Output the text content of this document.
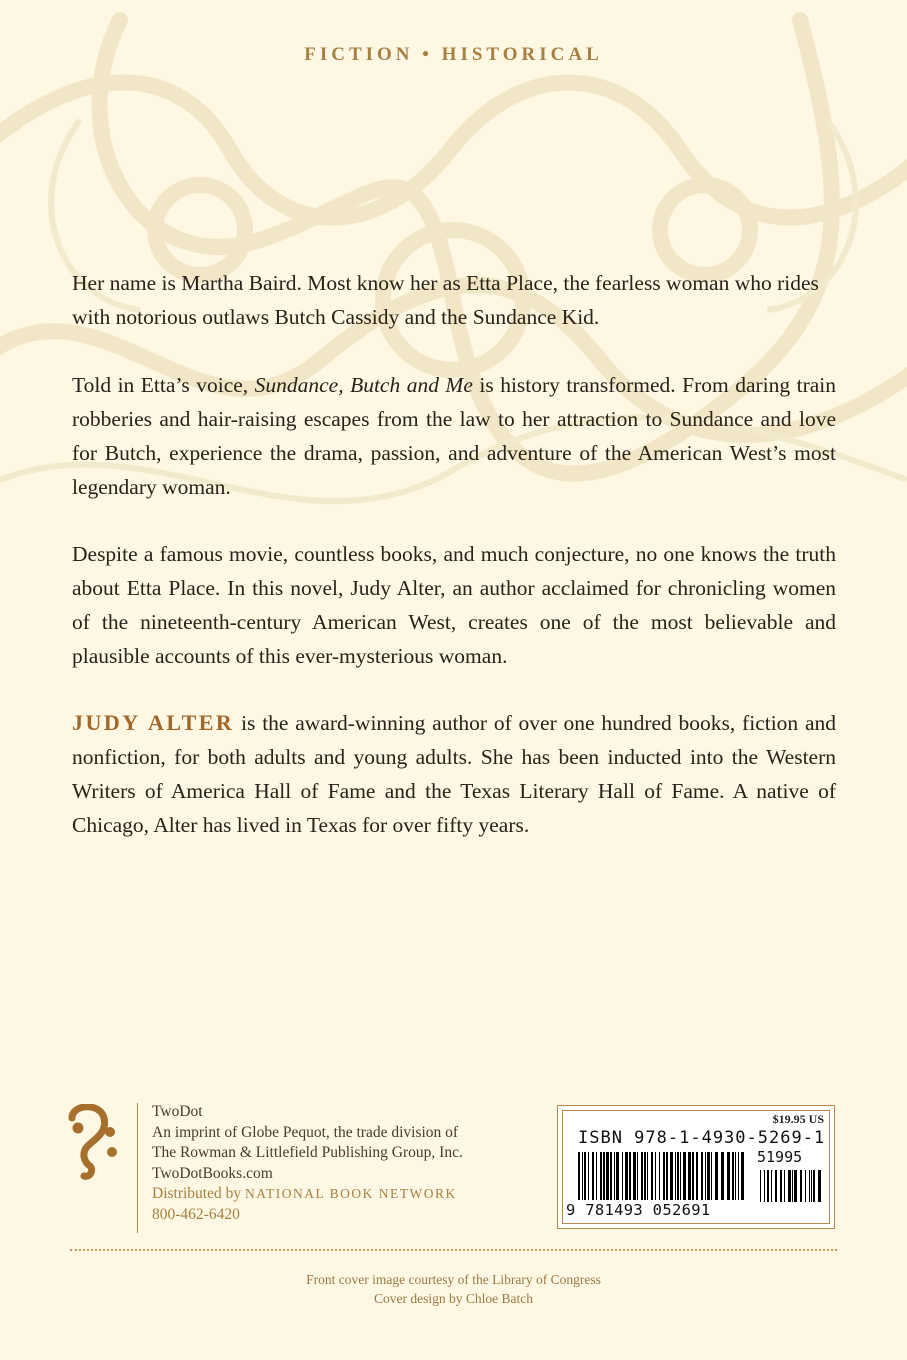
FICTION • HISTORICAL

Her name is Martha Baird. Most know her as Etta Place, the fearless woman who rides with notorious outlaws Butch Cassidy and the Sundance Kid.

Told in Etta’s voice, Sundance, Butch and Me is history transformed. From daring train robberies and hair-raising escapes from the law to her attraction to Sundance and love for Butch, experience the drama, passion, and adventure of the American West’s most legendary woman.

Despite a famous movie, countless books, and much conjecture, no one knows the truth about Etta Place. In this novel, Judy Alter, an author acclaimed for chronicling women of the nineteenth-century American West, creates one of the most believable and plausible accounts of this ever-mysterious woman.

JUDY ALTER is the award-winning author of over one hundred books, fiction and nonfiction, for both adults and young adults. She has been inducted into the Western Writers of America Hall of Fame and the Texas Literary Hall of Fame. A native of Chicago, Alter has lived in Texas for over fifty years.

TwoDot
An imprint of Globe Pequot, the trade division of
The Rowman & Littlefield Publishing Group, Inc.
TwoDotBooks.com
Distributed by NATIONAL BOOK NETWORK
800-462-6420
$19.95 US
ISBN 978-1-4930-5269-1
51995
9 781493 052691
Front cover image courtesy of the Library of Congress
Cover design by Chloe Batch
